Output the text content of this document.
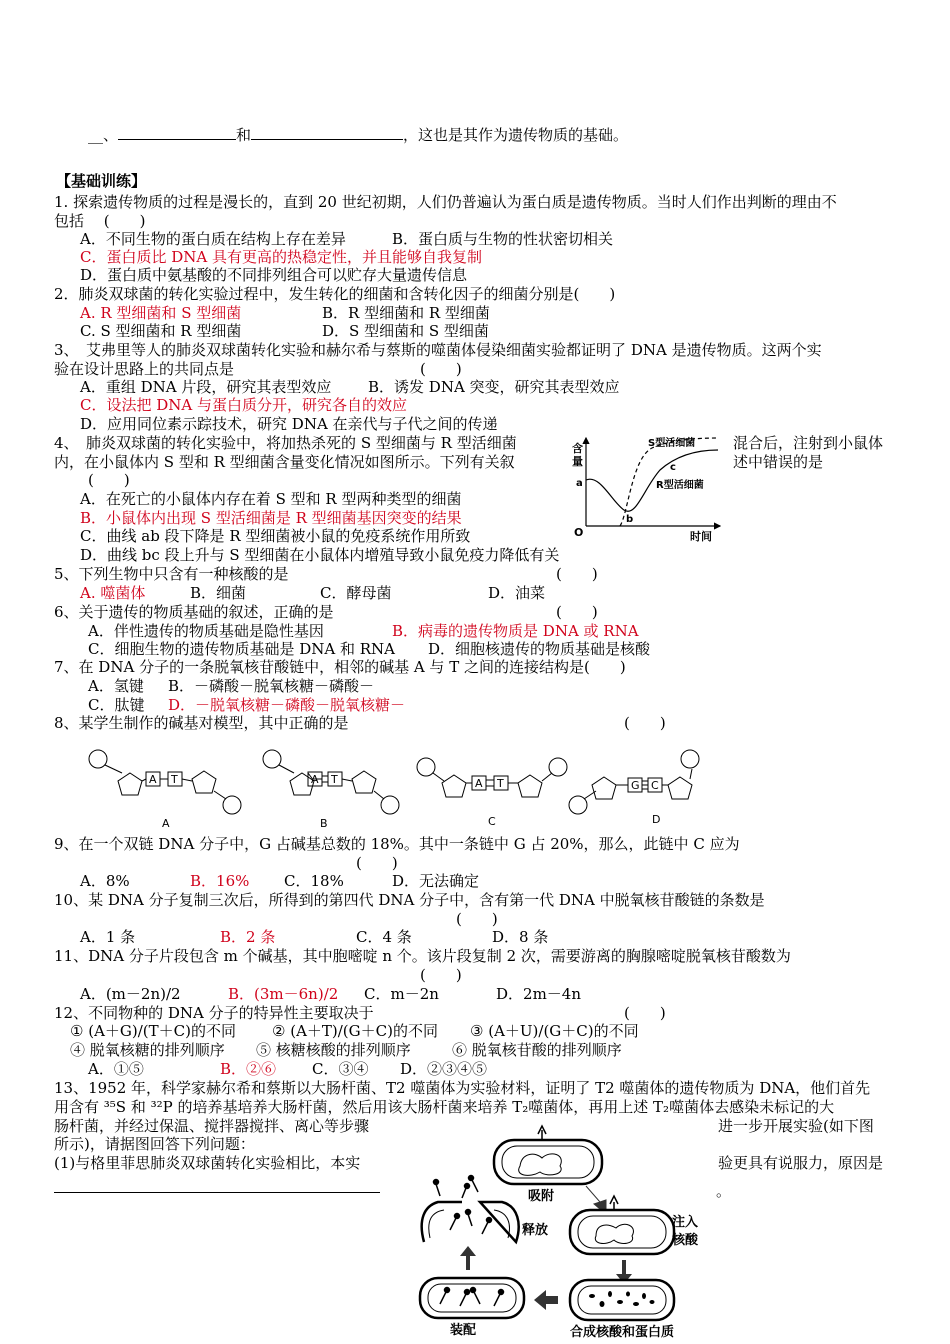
__、	和	，这也是其作为遗传物质的基础。
【基础训练】
1. 探索遗传物质的过程是漫长的，直到 20 世纪初期，人们仍普遍认为蛋白质是遗传物质。当时人们作出判断的理由不
包括　 (　　)
A．不同生物的蛋白质在结构上存在差异	B．蛋白质与生物的性状密切相关
C．蛋白质比 DNA 具有更高的热稳定性，并且能够自我复制
D．蛋白质中氨基酸的不同排列组合可以贮存大量遗传信息
2．肺炎双球菌的转化实验过程中，发生转化的细菌和含转化因子的细菌分别是(　　)
A. R 型细菌和 S 型细菌	B．R 型细菌和 R 型细菌
C. S 型细菌和 R 型细菌	D．S 型细菌和 S 型细菌
3、　艾弗里等人的肺炎双球菌转化实验和赫尔希与蔡斯的噬菌体侵染细菌实验都证明了 DNA 是遗传物质。这两个实
验在设计思路上的共同点是	(　　)
A．重组 DNA 片段，研究其表型效应 B．诱发 DNA 突变，研究其表型效应
C．设法把 DNA 与蛋白质分开，研究各自的效应
D．应用同位素示踪技术，研究 DNA 在亲代与子代之间的传递
4、　肺炎双球菌的转化实验中，将加热杀死的 S 型细菌与 R 型活细菌	混合后，注射到小鼠体
内，在小鼠体内 S 型和 R 型细菌含量变化情况如图所示。下列有关叙	述中错误的是
(　　)
A．在死亡的小鼠体内存在着 S 型和 R 型两种类型的细菌
B．小鼠体内出现 S 型活细菌是 R 型细菌基因突变的结果
C．曲线 ab 段下降是 R 型细菌被小鼠的免疫系统作用所致
D．曲线 bc 段上升与 S 型细菌在小鼠体内增殖导致小鼠免疫力降低有关
含
量
O	时间
a
b
c
S型活细菌
R型活细菌
5、下列生物中只含有一种核酸的是	(　　)
A. 噬菌体	B．细菌	C．酵母菌	D．油菜
6、关于遗传的物质基础的叙述，正确的是	(　　)
A．伴性遗传的物质基础是隐性基因	B．病毒的遗传物质是 DNA 或 RNA
C．细胞生物的遗传物质基础是 DNA 和 RNA D．细胞核遗传的物质基础是核酸
7、在 DNA 分子的一条脱氧核苷酸链中，相邻的碱基 A 与 T 之间的连接结构是(　　)
A．氢键 B．－磷酸－脱氧核糖－磷酸－
C．肽键 D．－脱氧核糖－磷酸－脱氧核糖－
8、某学生制作的碱基对模型，其中正确的是	(　　)
A T
A
A T
B
A T
C
G C
D
9、在一个双链 DNA 分子中，G 占碱基总数的 18%。其中一条链中 G 占 20%，那么，此链中 C 应为
(　　)
A．8%	B．16% C．18%	D．无法确定
10、某 DNA 分子复制三次后，所得到的第四代 DNA 分子中，含有第一代 DNA 中脱氧核苷酸链的条数是
(　　)
A．1 条	B．2 条	C．4 条	D．8 条
11、DNA 分子片段包含 m 个碱基，其中胞嘧啶 n 个。该片段复制 2 次，需要游离的胸腺嘧啶脱氧核苷酸数为
(　　)
A．(m－2n)/2	B．(3m－6n)/2 C．m－2n	D．2m－4n
12、不同物种的 DNA 分子的特异性主要取决于	(　　)
① (A＋G)/(T＋C)的不同 ② (A＋T)/(G＋C)的不同 ③ (A＋U)/(G＋C)的不同
④ 脱氧核糖的排列顺序 ⑤ 核糖核酸的排列顺序	⑥ 脱氧核苷酸的排列顺序
A．①⑤	B．②⑥ C．③④ D．②③④⑤
13、1952 年，科学家赫尔希和蔡斯以大肠杆菌、T2 噬菌体为实验材料，证明了 T2 噬菌体的遗传物质为 DNA，他们首先
用含有 ³⁵S 和 ³²P 的培养基培养大肠杆菌，然后用该大肠杆菌来培养 T₂噬菌体，再用上述 T₂噬菌体去感染未标记的大
肠杆菌，并经过保温、搅拌器搅拌、离心等步骤	进一步开展实验(如下图
所示)，请据图回答下列问题：
(1)与格里菲思肺炎双球菌转化实验相比，本实	验更具有说服力，原因是
。
吸附
注入
核酸
合成核酸和蛋白质
装配
释放
